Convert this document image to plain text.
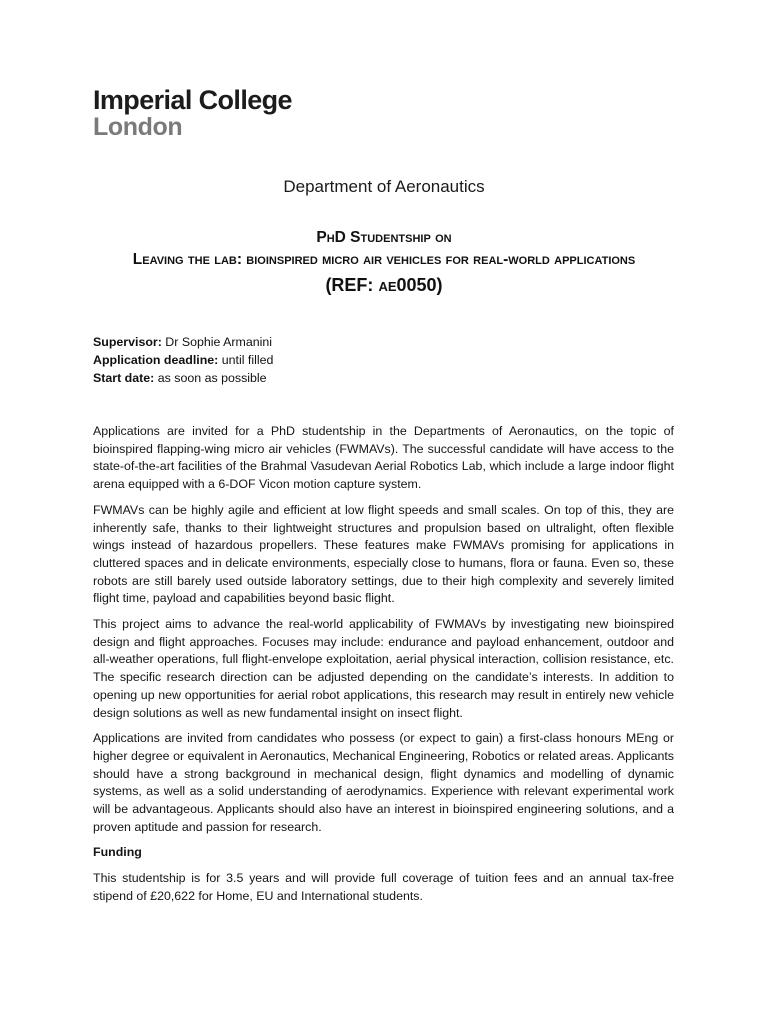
Imperial College
London
Department of Aeronautics
PhD Studentship on
Leaving the lab: bioinspired micro air vehicles for real-world applications
(REF: ae0050)
Supervisor: Dr Sophie Armanini
Application deadline: until filled
Start date: as soon as possible

Applications are invited for a PhD studentship in the Departments of Aeronautics, on the topic of bioinspired flapping-wing micro air vehicles (FWMAVs). The successful candidate will have access to the state-of-the-art facilities of the Brahmal Vasudevan Aerial Robotics Lab, which include a large indoor flight arena equipped with a 6-DOF Vicon motion capture system.

FWMAVs can be highly agile and efficient at low flight speeds and small scales. On top of this, they are inherently safe, thanks to their lightweight structures and propulsion based on ultralight, often flexible wings instead of hazardous propellers. These features make FWMAVs promising for applications in cluttered spaces and in delicate environments, especially close to humans, flora or fauna. Even so, these robots are still barely used outside laboratory settings, due to their high complexity and severely limited flight time, payload and capabilities beyond basic flight.

This project aims to advance the real-world applicability of FWMAVs by investigating new bioinspired design and flight approaches. Focuses may include: endurance and payload enhancement, outdoor and all-weather operations, full flight-envelope exploitation, aerial physical interaction, collision resistance, etc. The specific research direction can be adjusted depending on the candidate’s interests. In addition to opening up new opportunities for aerial robot applications, this research may result in entirely new vehicle design solutions as well as new fundamental insight on insect flight.

Applications are invited from candidates who possess (or expect to gain) a first-class honours MEng or higher degree or equivalent in Aeronautics, Mechanical Engineering, Robotics or related areas. Applicants should have a strong background in mechanical design, flight dynamics and modelling of dynamic systems, as well as a solid understanding of aerodynamics. Experience with relevant experimental work will be advantageous. Applicants should also have an interest in bioinspired engineering solutions, and a proven aptitude and passion for research.

Funding

This studentship is for 3.5 years and will provide full coverage of tuition fees and an annual tax-free stipend of £20,622 for Home, EU and International students.
